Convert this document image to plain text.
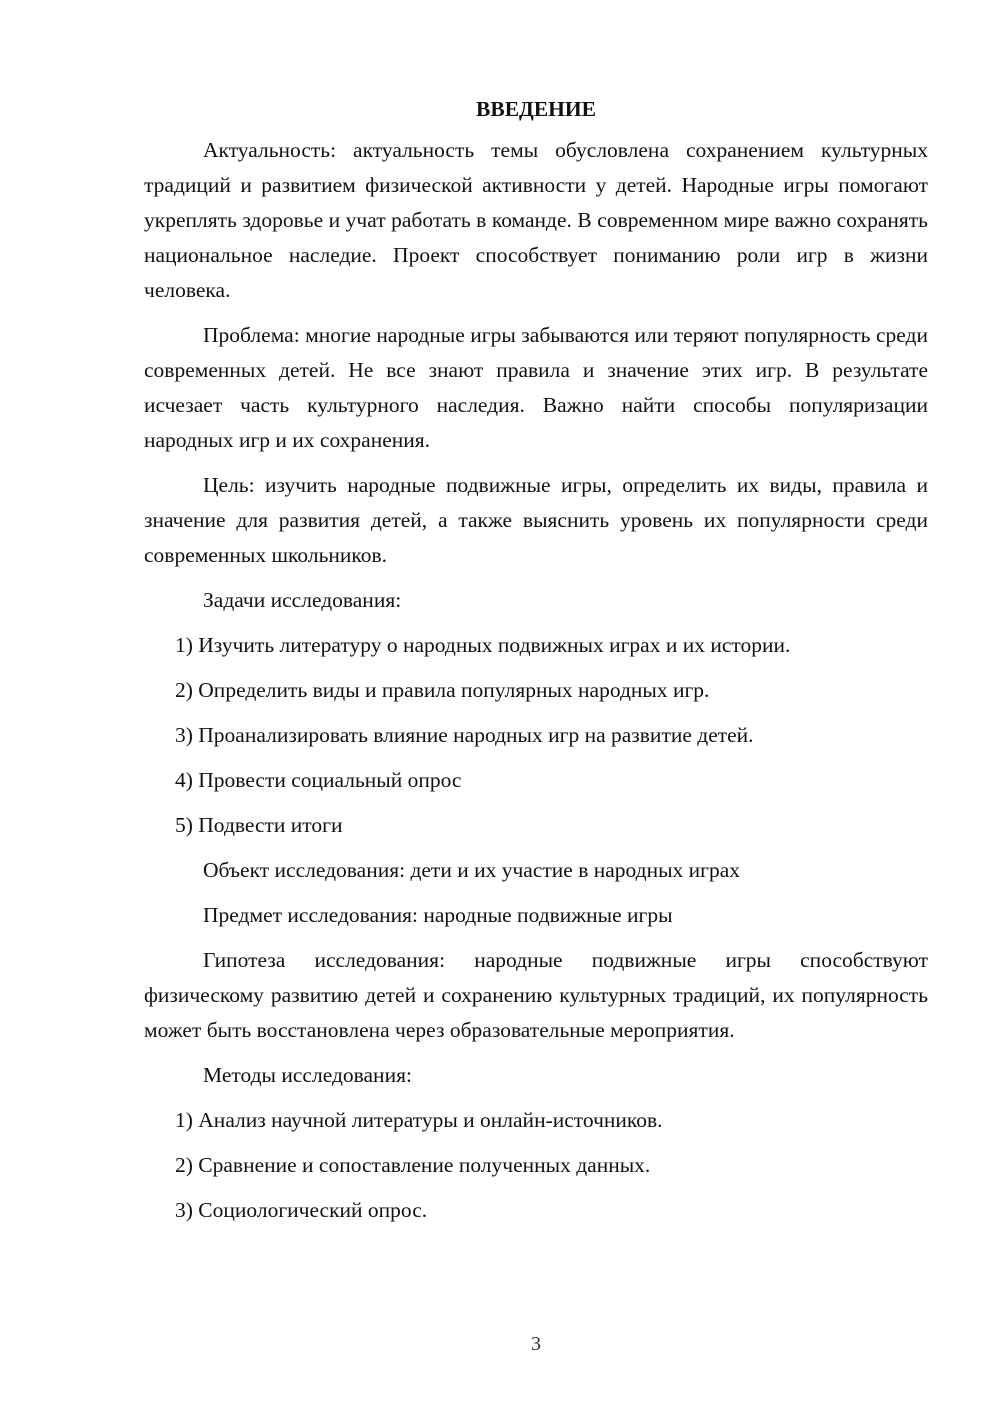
ВВЕДЕНИЕ

Актуальность: актуальность темы обусловлена сохранением культурных традиций и развитием физической активности у детей. Народные игры помогают укреплять здоровье и учат работать в команде. В современном мире важно сохранять национальное наследие. Проект способствует пониманию роли игр в жизни человека.

Проблема: многие народные игры забываются или теряют популярность среди современных детей. Не все знают правила и значение этих игр. В результате исчезает часть культурного наследия. Важно найти способы популяризации народных игр и их сохранения.

Цель: изучить народные подвижные игры, определить их виды, правила и значение для развития детей, а также выяснить уровень их популярности среди современных школьников.

Задачи исследования:
1) Изучить литературу о народных подвижных играх и их истории.
2) Определить виды и правила популярных народных игр.
3) Проанализировать влияние народных игр на развитие детей.
4) Провести социальный опрос
5) Подвести итоги
Объект исследования: дети и их участие в народных играх
Предмет исследования: народные подвижные игры

Гипотеза исследования: народные подвижные игры способствуют физическому развитию детей и сохранению культурных традиций, их популярность может быть восстановлена через образовательные мероприятия.

Методы исследования:
1) Анализ научной литературы и онлайн-источников.
2) Сравнение и сопоставление полученных данных.
3) Социологический опрос.
3
